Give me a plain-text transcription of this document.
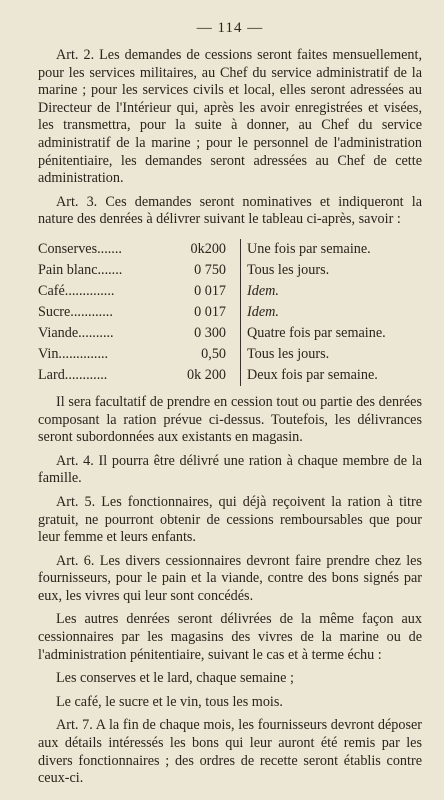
— 114 —

Art. 2. Les demandes de cessions seront faites mensuellement, pour les services militaires, au Chef du service administratif de la marine ; pour les services civils et local, elles seront adressées au Directeur de l'Intérieur qui, après les avoir enregistrées et visées, les transmettra, pour la suite à donner, au Chef du service administratif de la marine ; pour le personnel de l'administration pénitentiaire, les demandes seront adressées au Chef de cette administration.

Art. 3. Ces demandes seront nominatives et indiqueront la nature des denrées à délivrer suivant le tableau ci-après, savoir :

Conserves.......	0k200	Une fois par semaine.
Pain blanc.......	0 750	Tous les jours.
Café..............	0 017	Idem.
Sucre............	0 017	Idem.
Viande..........	0 300	Quatre fois par semaine.
Vin..............	0,50	Tous les jours.
Lard............	0k 200	Deux fois par semaine.

Il sera facultatif de prendre en cession tout ou partie des denrées composant la ration prévue ci-dessus. Toutefois, les délivrances seront subordonnées aux existants en magasin.

Art. 4. Il pourra être délivré une ration à chaque membre de la famille.

Art. 5. Les fonctionnaires, qui déjà reçoivent la ration à titre gratuit, ne pourront obtenir de cessions remboursables que pour leur femme et leurs enfants.

Art. 6. Les divers cessionnaires devront faire prendre chez les fournisseurs, pour le pain et la viande, contre des bons signés par eux, les vivres qui leur sont concédés.

Les autres denrées seront délivrées de la même façon aux cessionnaires par les magasins des vivres de la marine ou de l'administration pénitentiaire, suivant le cas et à terme échu :

Les conserves et le lard, chaque semaine ;

Le café, le sucre et le vin, tous les mois.

Art. 7. A la fin de chaque mois, les fournisseurs devront déposer aux détails intéressés les bons qui leur auront été remis par les divers fonctionnaires ; des ordres de recette seront établis contre ceux-ci.
